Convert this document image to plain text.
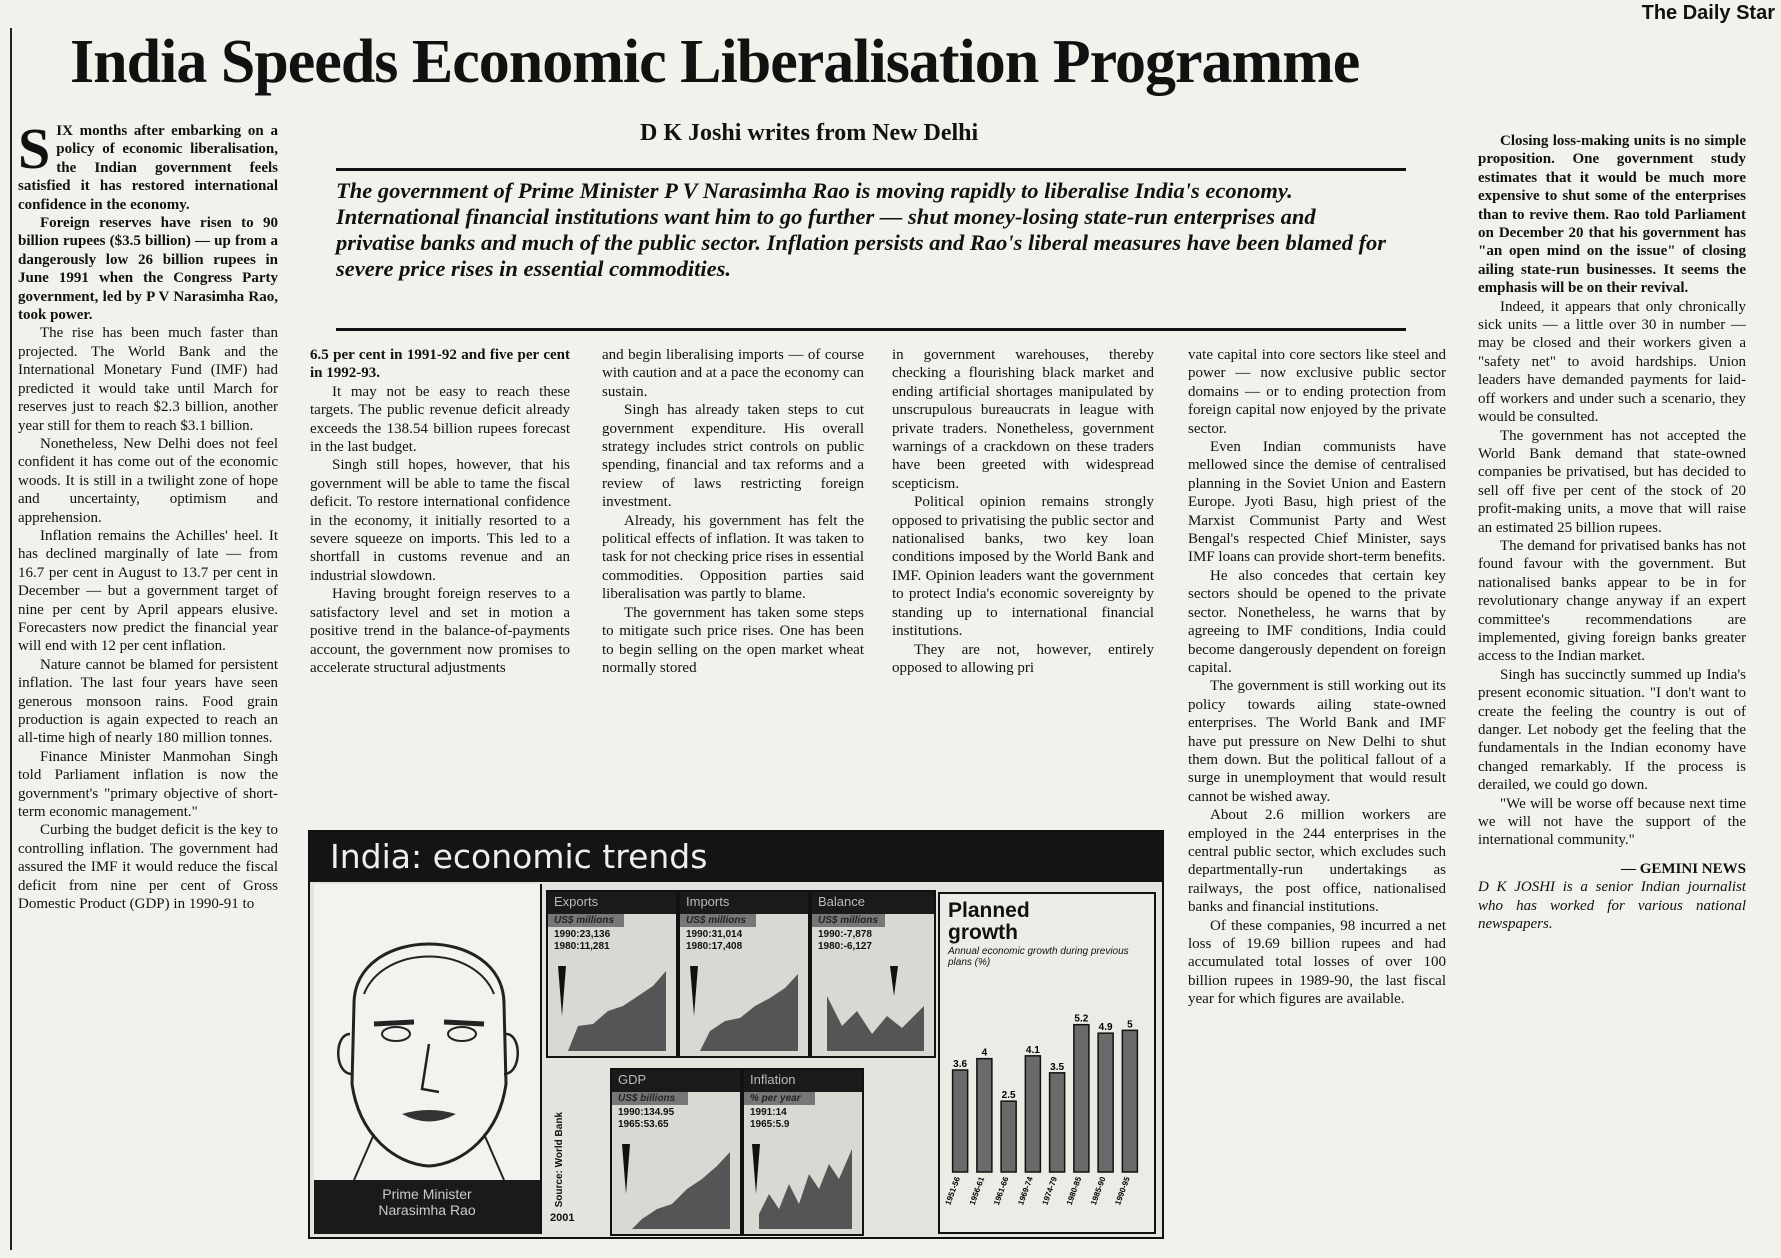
The Daily Star
India Speeds Economic Liberalisation Programme
D K Joshi writes from New Delhi
The government of Prime Minister P V Narasimha Rao is moving rapidly to liberalise India's economy. International financial institutions want him to go further — shut money-losing state-run enterprises and privatise banks and much of the public sector. Inflation persists and Rao's liberal measures have been blamed for severe price rises in essential commodities.

SIX months after embarking on a policy of economic liberalisation, the Indian government feels satisfied it has restored international confidence in the economy.

Foreign reserves have risen to 90 billion rupees ($3.5 billion) — up from a dangerously low 26 billion rupees in June 1991 when the Congress Party government, led by P V Narasimha Rao, took power.

The rise has been much faster than projected. The World Bank and the International Monetary Fund (IMF) had predicted it would take until March for reserves just to reach $2.3 billion, another year still for them to reach $3.1 billion.

Nonetheless, New Delhi does not feel confident it has come out of the economic woods. It is still in a twilight zone of hope and uncertainty, optimism and apprehension.

Inflation remains the Achilles' heel. It has declined marginally of late — from 16.7 per cent in August to 13.7 per cent in December — but a government target of nine per cent by April appears elusive. Forecasters now predict the financial year will end with 12 per cent inflation.

Nature cannot be blamed for persistent inflation. The last four years have seen generous monsoon rains. Food grain production is again expected to reach an all-time high of nearly 180 million tonnes.

Finance Minister Manmohan Singh told Parliament inflation is now the government's "primary objective of short-term economic management."

Curbing the budget deficit is the key to controlling inflation. The government had assured the IMF it would reduce the fiscal deficit from nine per cent of Gross Domestic Product (GDP) in 1990-91 to

6.5 per cent in 1991-92 and five per cent in 1992-93.

It may not be easy to reach these targets. The public revenue deficit already exceeds the 138.54 billion rupees forecast in the last budget.

Singh still hopes, however, that his government will be able to tame the fiscal deficit. To restore international confidence in the economy, it initially resorted to a severe squeeze on imports. This led to a shortfall in customs revenue and an industrial slowdown.

Having brought foreign reserves to a satisfactory level and set in motion a positive trend in the balance-of-payments account, the government now promises to accelerate structural adjustments

and begin liberalising imports — of course with caution and at a pace the economy can sustain.

Singh has already taken steps to cut government expenditure. His overall strategy includes strict controls on public spending, financial and tax reforms and a review of laws restricting foreign investment.

Already, his government has felt the political effects of inflation. It was taken to task for not checking price rises in essential commodities. Opposition parties said liberalisation was partly to blame.

The government has taken some steps to mitigate such price rises. One has been to begin selling on the open market wheat normally stored

in government warehouses, thereby checking a flourishing black market and ending artificial shortages manipulated by unscrupulous bureaucrats in league with private traders. Nonetheless, government warnings of a crackdown on these traders have been greeted with widespread scepticism.

Political opinion remains strongly opposed to privatising the public sector and nationalised banks, two key loan conditions imposed by the World Bank and IMF. Opinion leaders want the government to protect India's economic sovereignty by standing up to international financial institutions.

They are not, however, entirely opposed to allowing pri

vate capital into core sectors like steel and power — now exclusive public sector domains — or to ending protection from foreign capital now enjoyed by the private sector.

Even Indian communists have mellowed since the demise of centralised planning in the Soviet Union and Eastern Europe. Jyoti Basu, high priest of the Marxist Communist Party and West Bengal's respected Chief Minister, says IMF loans can provide short-term benefits.

He also concedes that certain key sectors should be opened to the private sector. Nonetheless, he warns that by agreeing to IMF conditions, India could become dangerously dependent on foreign capital.

The government is still working out its policy towards ailing state-owned enterprises. The World Bank and IMF have put pressure on New Delhi to shut them down. But the political fallout of a surge in unemployment that would result cannot be wished away.

About 2.6 million workers are employed in the 244 enterprises in the central public sector, which excludes such departmentally-run undertakings as railways, the post office, nationalised banks and financial institutions.

Of these companies, 98 incurred a net loss of 19.69 billion rupees and had accumulated total losses of over 100 billion rupees in 1989-90, the last fiscal year for which figures are available.

Closing loss-making units is no simple proposition. One government study estimates that it would be much more expensive to shut some of the enterprises than to revive them. Rao told Parliament on December 20 that his government has "an open mind on the issue" of closing ailing state-run businesses. It seems the emphasis will be on their revival.

Indeed, it appears that only chronically sick units — a little over 30 in number — may be closed and their workers given a "safety net" to avoid hardships. Union leaders have demanded payments for laid-off workers and under such a scenario, they would be consulted.

The government has not accepted the World Bank demand that state-owned companies be privatised, but has decided to sell off five per cent of the stock of 20 profit-making units, a move that will raise an estimated 25 billion rupees.

The demand for privatised banks has not found favour with the government. But nationalised banks appear to be in for revolutionary change anyway if an expert committee's recommendations are implemented, giving foreign banks greater access to the Indian market.

Singh has succinctly summed up India's present economic situation. "I don't want to create the feeling the country is out of danger. Let nobody get the feeling that the fundamentals in the Indian economy have changed remarkably. If the process is derailed, we could go down.

"We will be worse off because next time we will not have the support of the international community."

— GEMINI NEWS

D K JOSHI is a senior Indian journalist who has worked for various national newspapers.

India: economic trends
Prime Minister
Narasimha Rao
Source: World Bank
2001
Exports
US$ millions
1990:23,136
1980:11,281
Imports
US$ millions
1990:31,014
1980:17,408
Balance
US$ millions
1990:-7,878
1980:-6,127
GDP
US$ billions
1990:134.95
1965:53.65
Inflation
% per year
1991:14
1965:5.9
Planned
growth
Annual economic growth during previous plans (%)
3.6
1951-56
4
1956-61
2.5
1961-66
4.1
1969-74
3.5
1974-79
5.2
1980-85
4.9
1985-90
5
1990-95
